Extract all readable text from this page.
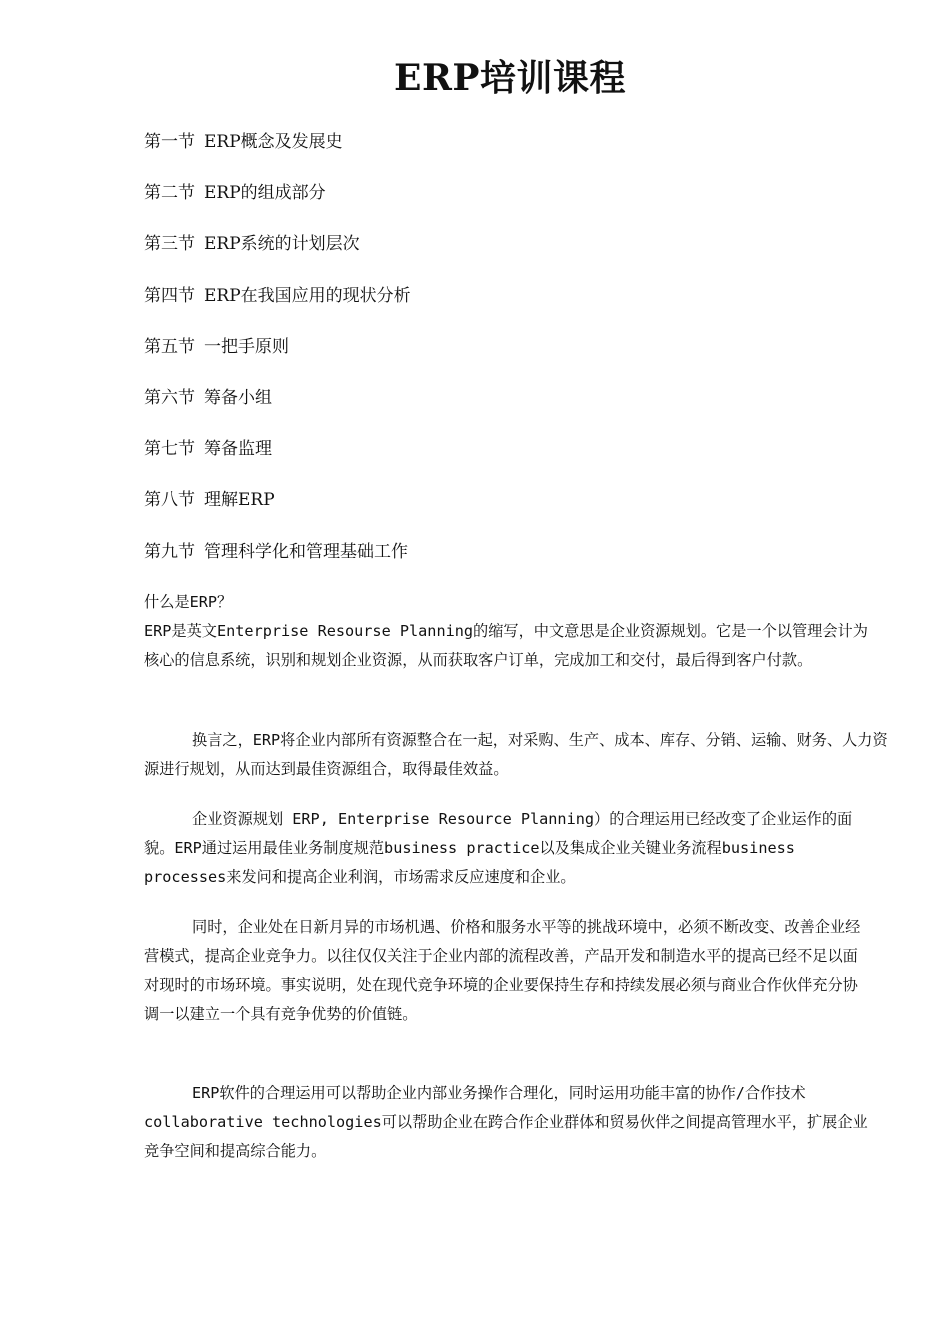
ERP培训课程
第一节 ERP概念及发展史
第二节 ERP的组成部分
第三节 ERP系统的计划层次
第四节 ERP在我国应用的现状分析
第五节 一把手原则
第六节 筹备小组
第七节 筹备监理
第八节 理解ERP
第九节 管理科学化和管理基础工作

什么是ERP？

ERP是英文Enterprise Resourse Planning的缩写，中文意思是企业资源规划。它是一个以管理会计为核心的信息系统，识别和规划企业资源，从而获取客户订单，完成加工和交付，最后得到客户付款。

换言之，ERP将企业内部所有资源整合在一起，对采购、生产、成本、库存、分销、运输、财务、人力资源进行规划，从而达到最佳资源组合，取得最佳效益。

企业资源规划 ERP, Enterprise Resource Planning）的合理运用已经改变了企业运作的面貌。ERP通过运用最佳业务制度规范business practice以及集成企业关键业务流程business processes来发问和提高企业利润，市场需求反应速度和企业。

同时，企业处在日新月异的市场机遇、价格和服务水平等的挑战环境中，必须不断改变、改善企业经营模式，提高企业竞争力。以往仅仅关注于企业内部的流程改善，产品开发和制造水平的提高已经不足以面对现时的市场环境。事实说明，处在现代竞争环境的企业要保持生存和持续发展必须与商业合作伙伴充分协调一以建立一个具有竞争优势的价值链。

ERP软件的合理运用可以帮助企业内部业务操作合理化，同时运用功能丰富的协作/合作技术collaborative technologies可以帮助企业在跨合作企业群体和贸易伙伴之间提高管理水平，扩展企业竞争空间和提高综合能力。
